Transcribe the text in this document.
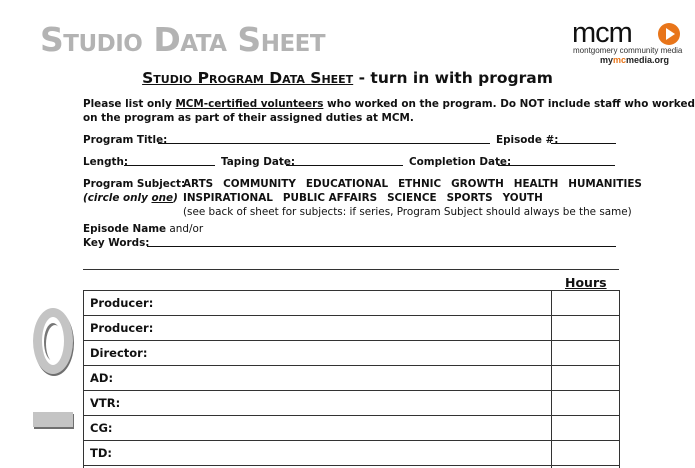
Studio Data Sheet	mcm
montgomery community media
mymcmedia.org
Studio Program Data Sheet - turn in with program
Please list only MCM-certified volunteers who worked on the program. Do NOT include staff who worked
on the program as part of their assigned duties at MCM.
Program Title:	Episode #:
Length:	Taping Date:	Completion Date:
Program Subject:
(circle only one)
ARTS COMMUNITY EDUCATIONAL ETHNIC GROWTH HEALTH HUMANITIES
INSPIRATIONAL PUBLIC AFFAIRS SCIENCE SPORTS YOUTH
(see back of sheet for subjects: if series, Program Subject should always be the same)
Episode Name and/or
Key Words:
Hours
Producer:	
Producer:	
Director:	
AD:	
VTR:	
CG:	
TD:	
